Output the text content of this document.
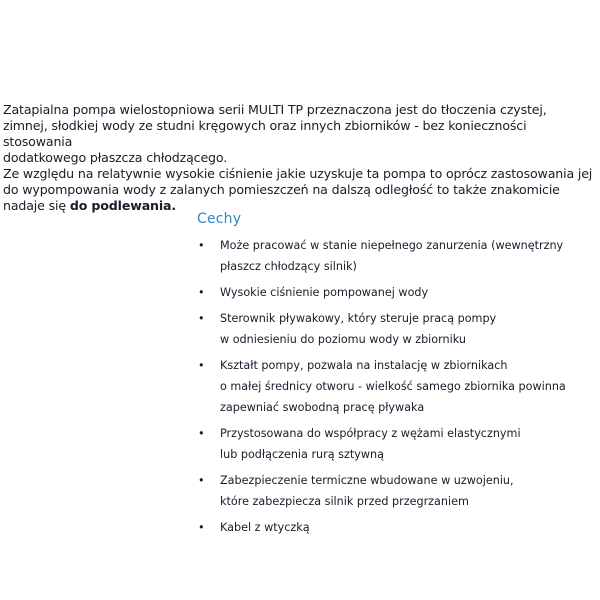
Zatapialna pompa wielostopniowa serii MULTI TP przeznaczona jest do tłoczenia czystej,

zimnej, słodkiej wody ze studni kręgowych oraz innych zbiorników - bez konieczności stosowania

dodatkowego płaszcza chłodzącego.

Ze względu na relatywnie wysokie ciśnienie jakie uzyskuje ta pompa to oprócz zastosowania jej

do wypompowania wody z zalanych pomieszczeń na dalszą odległość to także znakomicie

nadaje się do podlewania.

Cechy
• Może pracować w stanie niepełnego zanurzenia (wewnętrzny
płaszcz chłodzący silnik)
• Wysokie ciśnienie pompowanej wody
• Sterownik pływakowy, który steruje pracą pompy
w odniesieniu do poziomu wody w zbiorniku
• Kształt pompy, pozwala na instalację w zbiornikach
o małej średnicy otworu - wielkość samego zbiornika powinna
zapewniać swobodną pracę pływaka
• Przystosowana do współpracy z wężami elastycznymi
lub podłączenia rurą sztywną
• Zabezpieczenie termiczne wbudowane w uzwojeniu,
które zabezpiecza silnik przed przegrzaniem
• Kabel z wtyczką
